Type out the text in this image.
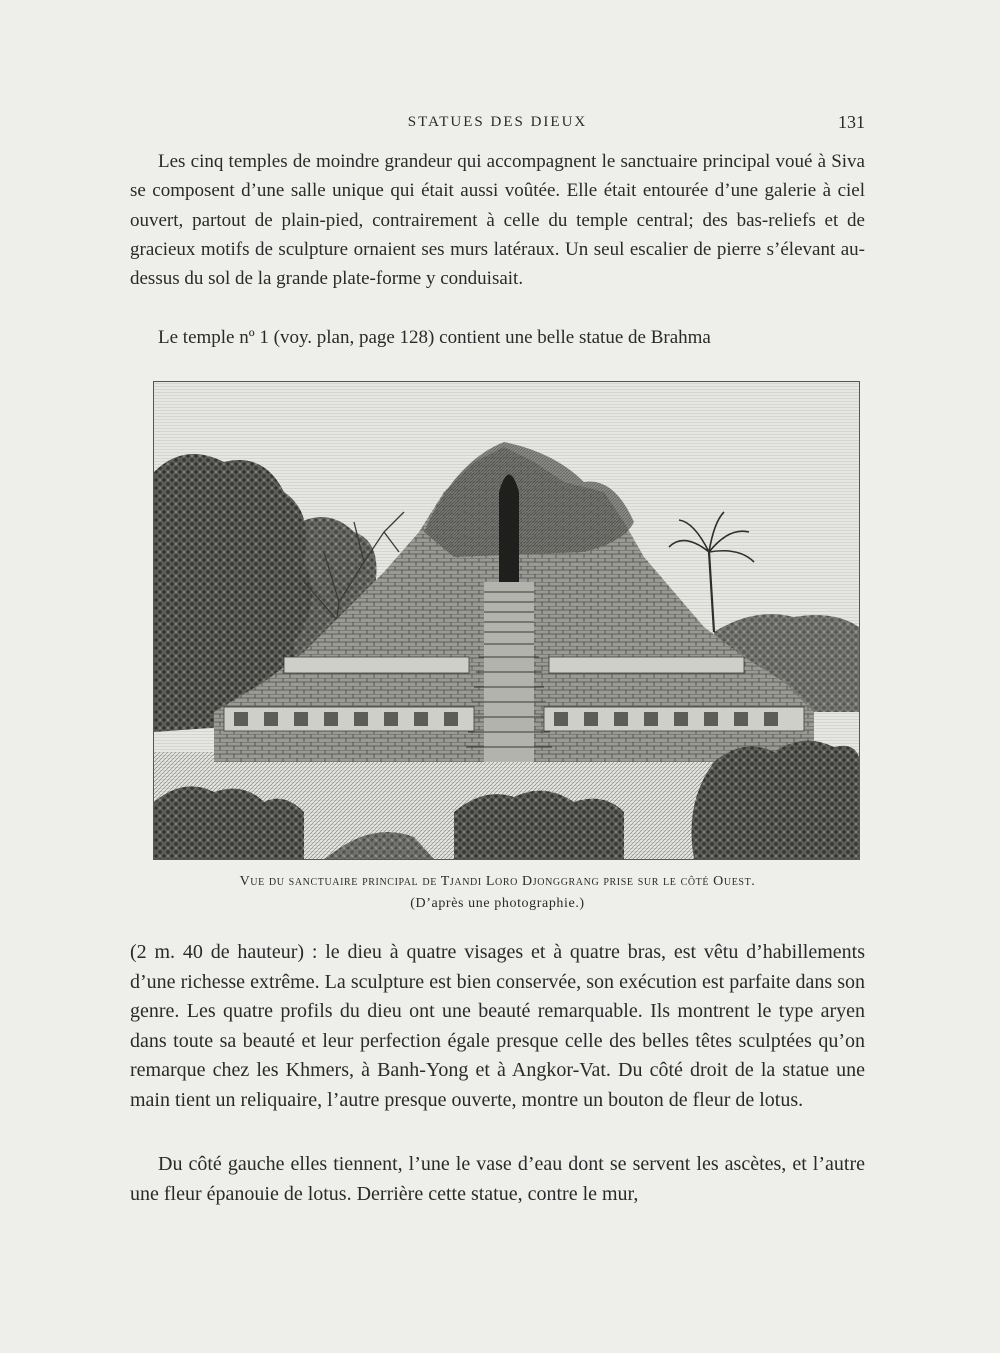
STATUES DES DIEUX	131

Les cinq temples de moindre grandeur qui accompagnent le sanctuaire principal voué à Siva se composent d’une salle unique qui était aussi voûtée. Elle était entourée d’une galerie à ciel ouvert, partout de plain-pied, contrairement à celle du temple central; des bas-reliefs et de gracieux motifs de sculpture ornaient ses murs latéraux. Un seul escalier de pierre s’élevant au-dessus du sol de la grande plate-forme y conduisait.

Le temple nº 1 (voy. plan, page 128) contient une belle statue de Brahma

Vue du sanctuaire principal de Tjandi Loro Djonggrang prise sur le côté Ouest.
(D’après une photographie.)

(2 m. 40 de hauteur) : le dieu à quatre visages et à quatre bras, est vêtu d’habillements d’une richesse extrême. La sculpture est bien conservée, son exécution est parfaite dans son genre. Les quatre profils du dieu ont une beauté remarquable. Ils montrent le type aryen dans toute sa beauté et leur perfection égale presque celle des belles têtes sculptées qu’on remarque chez les Khmers, à Banh-Yong et à Angkor-Vat. Du côté droit de la statue une main tient un reliquaire, l’autre presque ouverte, montre un bouton de fleur de lotus.

Du côté gauche elles tiennent, l’une le vase d’eau dont se servent les ascètes, et l’autre une fleur épanouie de lotus. Derrière cette statue, contre le mur,
